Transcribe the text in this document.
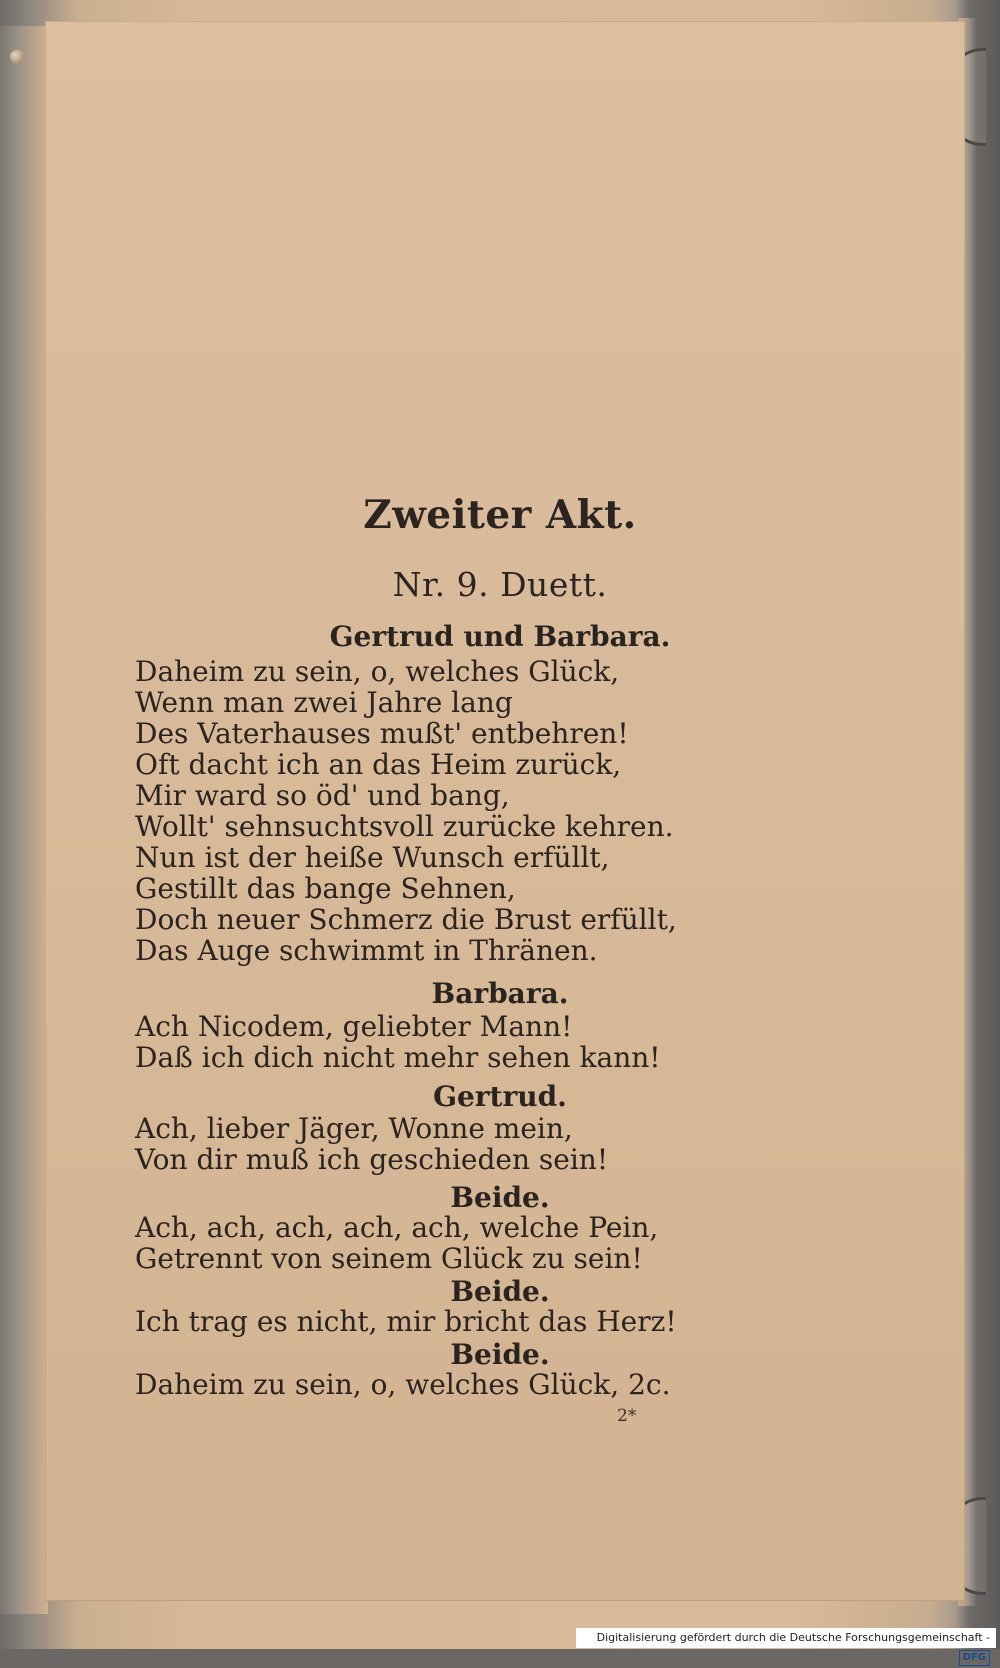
Zweiter Akt.
Nr. 9. Duett.
Gertrud und Barbara.
Daheim zu sein, o, welches Glück,
Wenn man zwei Jahre lang
Des Vaterhauses mußt' entbehren!
Oft dacht ich an das Heim zurück,
Mir ward so öd' und bang,
Wollt' sehnsuchtsvoll zurücke kehren.
Nun ist der heiße Wunsch erfüllt,
Gestillt das bange Sehnen,
Doch neuer Schmerz die Brust erfüllt,
Das Auge schwimmt in Thränen.
Barbara.
Ach Nicodem, geliebter Mann!
Daß ich dich nicht mehr sehen kann!
Gertrud.
Ach, lieber Jäger, Wonne mein,
Von dir muß ich geschieden sein!
Beide.
Ach, ach, ach, ach, ach, welche Pein,
Getrennt von seinem Glück zu sein!
Beide.
Ich trag es nicht, mir bricht das Herz!
Beide.
Daheim zu sein, o, welches Glück, 2c.
2*
Digitalisierung gefördert durch die Deutsche Forschungsgemeinschaft - DFG
